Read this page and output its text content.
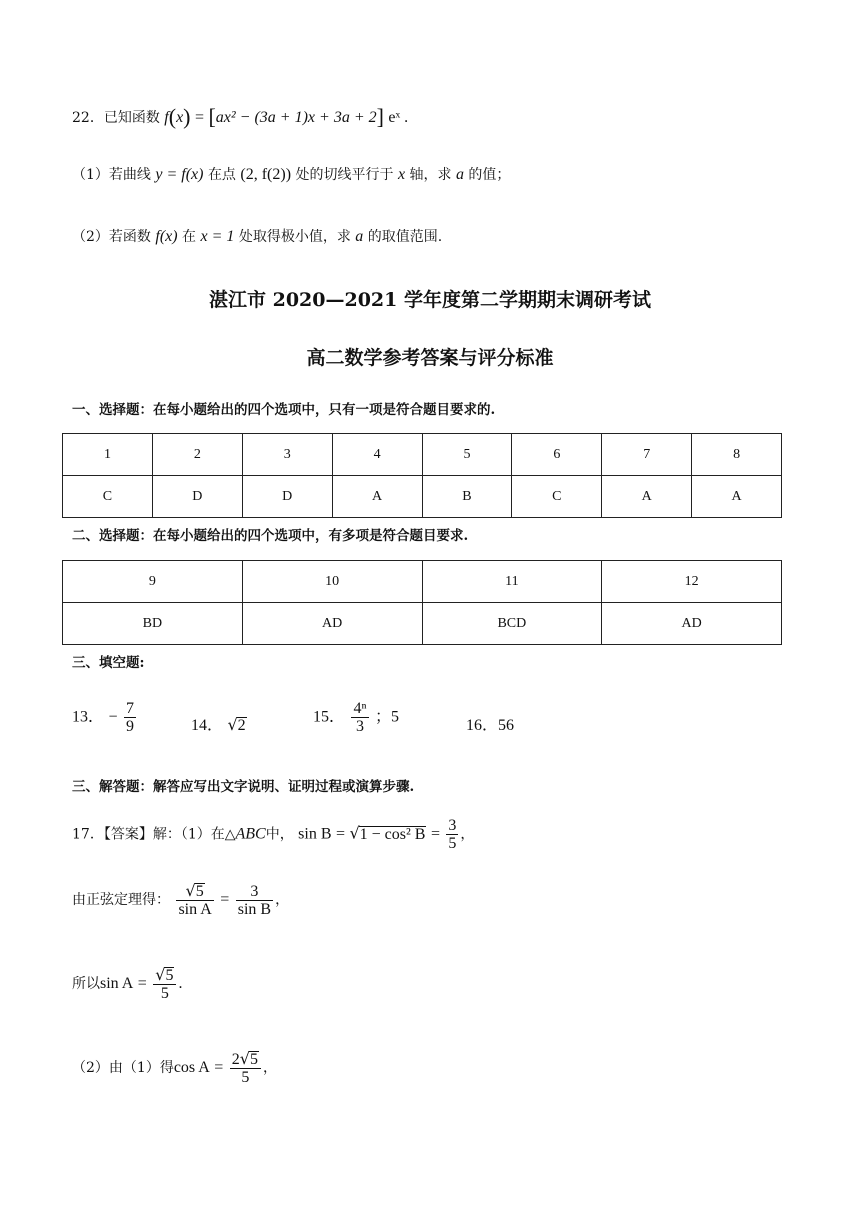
22．已知函数 f(x) = [ax² − (3a + 1)x + 3a + 2] eˣ .
（1）若曲线 y = f(x) 在点 (2, f(2)) 处的切线平行于 x 轴，求 a 的值；
（2）若函数 f(x) 在 x = 1 处取得极小值，求 a 的取值范围.
湛江市 2020—2021 学年度第二学期期末调研考试
高二数学参考答案与评分标准
一、选择题：在每小题给出的四个选项中，只有一项是符合题目要求的.
1	2	3	4	5	6	7	8
C	D	D	A	B	C	A	A
二、选择题：在每小题给出的四个选项中，有多项是符合题目要求.
9	10	11	12
BD	AD	BCD	AD
三、填空题:
13． − $\frac{7}{9}$	14． √2	15． $\frac{\text{4ⁿ}}{3}$ ；5	16．56
三、解答题：解答应写出文字说明、证明过程或演算步骤.
17．【答案】解：（1）在△ABC中， sin B = √1 − cos² $B = \frac{3}{5}$ ，
由正弦定理得： $\frac{√5}{\text{sin A}} = \frac{3}{\text{sin B}}$ ，
所以$\sin A = \frac{√5}{5}$ .
（2）由（1）得$\cos A = \frac{2√5}{5}$ ，
